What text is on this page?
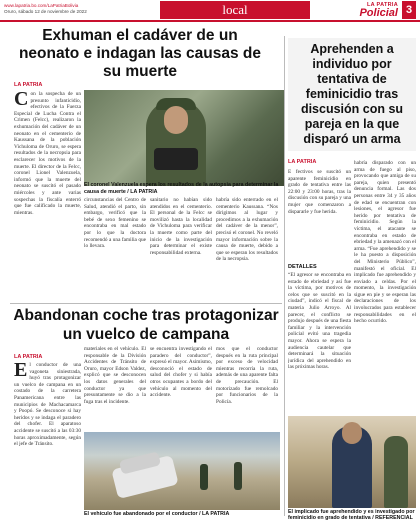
www.lapatria.bo.com/LaPatriaBolivia
Oruro, sábado 12 de noviembre de 2022	local	LA PATRIA
Policial 3
Exhuman el cadáver de un neonato e indagan las causas de su muerte
LA PATRIA
Con la sospecha de un presunto infanticidio, efectivos de la Fuerza Especial de Lucha Contra el Crimen (Felcc), realizaron la exhumación del cadáver de un neonato en el cementerio de Kaussana de la población Vichuloma de Oruro, se espera resultados de la necropsia para esclarecer los motivos de la muerte. El director de la Felcc, coronel Lionel Valenzuela, informó que la muerte del neonato se suscitó el pasado miércoles y ante varias sospechas la fiscalía enterró que fue calificado la muerte, mientras.
El coronel Valenzuela espera los resultados de la autopsia para determinar la causa de muerte / LA PATRIA
circunstancias del Centro de Salud, atendió el parto, sin embargo, verificó que la bebé de sexo femenino se encontraba en mal estado por lo que la doctora recomendó a una familia que lo llevara.
sanitario no habían sido atendidos en el cementerio. El personal de la Felcc se movilizó hasta la localidad de Vichuloma para verificar la muerte como parte del inicio de la investigación para determinar el existe responsabilidad externa.
habría sido enterrado en el cementerio Kaussana. “Nos dirigimos al lugar y procedimos a la exhumación del cadáver de la menor”, precisó el coronel. No reveló mayor información sobre la causa de muerte, debido a que se esperan los resultados de la necropsia.
Aprehenden a individuo por tentativa de feminicidio tras discusión con su pareja en la que disparó un arma
LA PATRIA
E fectivos se suscitó un aparente feminicidio en grado de tentativa entre las 22:00 y 23:00 horas, tras la discusión con su pareja y una mujer que comenzaron a dispararle y fue herida.
DETALLES
“El agresor se encontraba en estado de ebriedad y así fue la víctima, por motivos de celos que se suscitó en la ciudad”, indicó el fiscal de materia Julio Arroyo. Al parecer, el conflicto se produjo después de una fiesta familiar y la intervención policial evitó una tragedia mayor. Ahora se espera la audiencia cautelar que determinará la situación jurídica del aprehendido en las próximas horas.
habría disparado con un arma de fuego al piso, provocando que amiga de su pareja, quien presentó denuncia formal. Las dos personas entre 34 y 35 años de edad se encuentran con lesiones, el agresor fue herido por tentativa de feminicidio. Según la víctima, el atacante se encontraba en estado de ebriedad y la amenazó con el arma. “Fue aprehendido y se le ha puesto a disposición del Ministerio Público”, manifestó el oficial. El implicado fue aprehendido y enviado a celdas. Por el momento, la investigación sigue en pie y se esperan las declaraciones de los involucrados para establecer responsabilidades en el hecho ocurrido.
El implicado fue aprehendido y es investigado por feminicidio en grado de tentativa / REFERENCIAL
Abandonan coche tras protagonizar un vuelco de campana
LA PATRIA
El conductor de una vagoneta siniestrada, huyó tras protagonizar un vuelco de campana en un costado de la carretera Panamericana entre las municipios de Machacamarca y Poopó. Se desconoce si hay heridos y se indaga el paradero del chofer. El aparatoso accidente se suscitó a las 03:30 horas aproximadamente, según el jefe de Tránsito.
materiales en el vehículo. El responsable de la División Accidentes de Tránsito de Oruro, mayor Edson Valdez, explicó que se desconocen los datos generales del conductor ya que presuntamente se dio a la fuga tras el incidente.
se encuentra investigando el paradero del conductor”, expresó el mayor. Asimismo, desconoció el estado de salud del chofer y si había otros ocupantes a bordo del vehículo al momento del accidente.
mos que el conductor después en la ruta principal por exceso de velocidad mientras recorría la ruta, además de una aparente falta de precaución. El motorizado fue remolcado por funcionarios de la Policía.
El vehículo fue abandonado por el conductor / LA PATRIA
